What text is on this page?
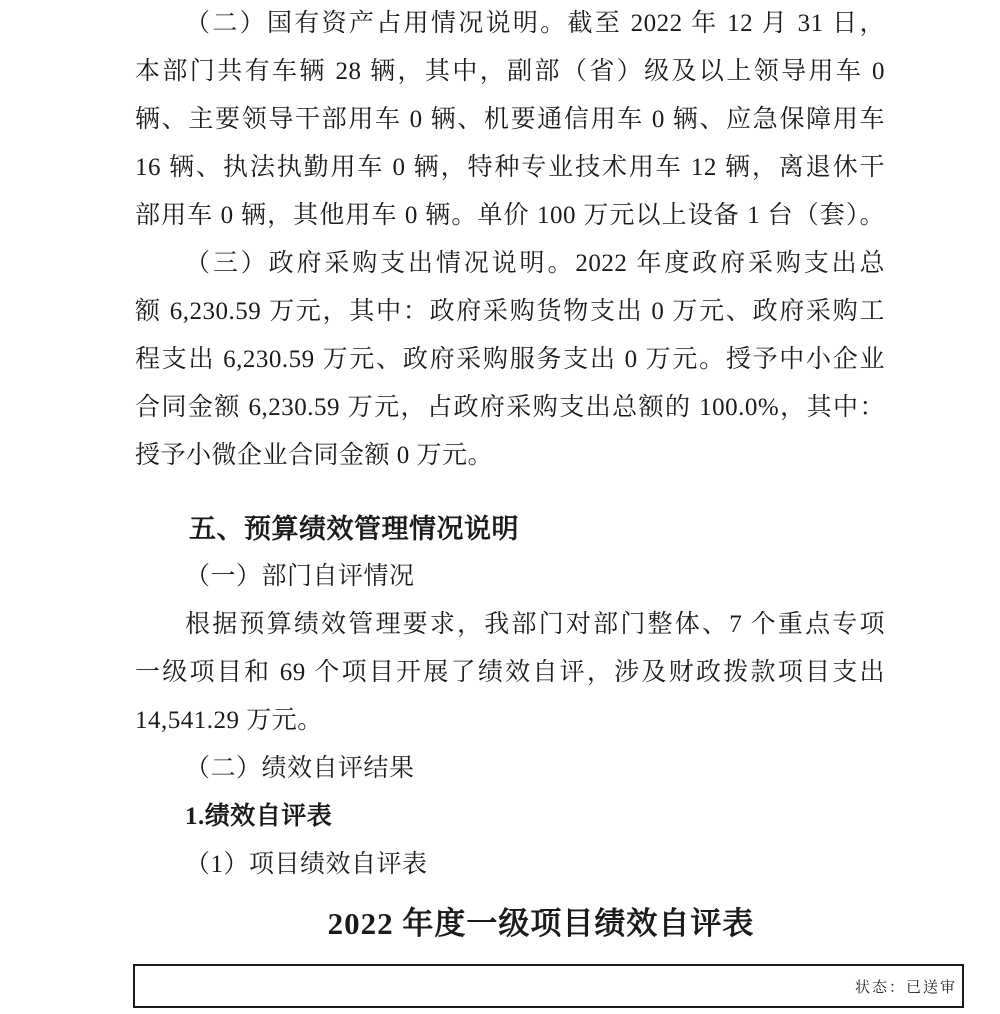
（二）国有资产占用情况说明。截至 2022 年 12 月 31 日，
本部门共有车辆 28 辆，其中，副部（省）级及以上领导用车 0
辆、主要领导干部用车 0 辆、机要通信用车 0 辆、应急保障用车
16 辆、执法执勤用车 0 辆，特种专业技术用车 12 辆，离退休干
部用车 0 辆，其他用车 0 辆。单价 100 万元以上设备 1 台（套）。
（三）政府采购支出情况说明。2022 年度政府采购支出总
额 6,230.59 万元，其中：政府采购货物支出 0 万元、政府采购工
程支出 6,230.59 万元、政府采购服务支出 0 万元。授予中小企业
合同金额 6,230.59 万元，占政府采购支出总额的 100.0%，其中：
授予小微企业合同金额 0 万元。
五、预算绩效管理情况说明
（一）部门自评情况
根据预算绩效管理要求，我部门对部门整体、7 个重点专项
一级项目和 69 个项目开展了绩效自评，涉及财政拨款项目支出
14,541.29 万元。
（二）绩效自评结果
1.绩效自评表
（1）项目绩效自评表
2022 年度一级项目绩效自评表
状态：已送审
